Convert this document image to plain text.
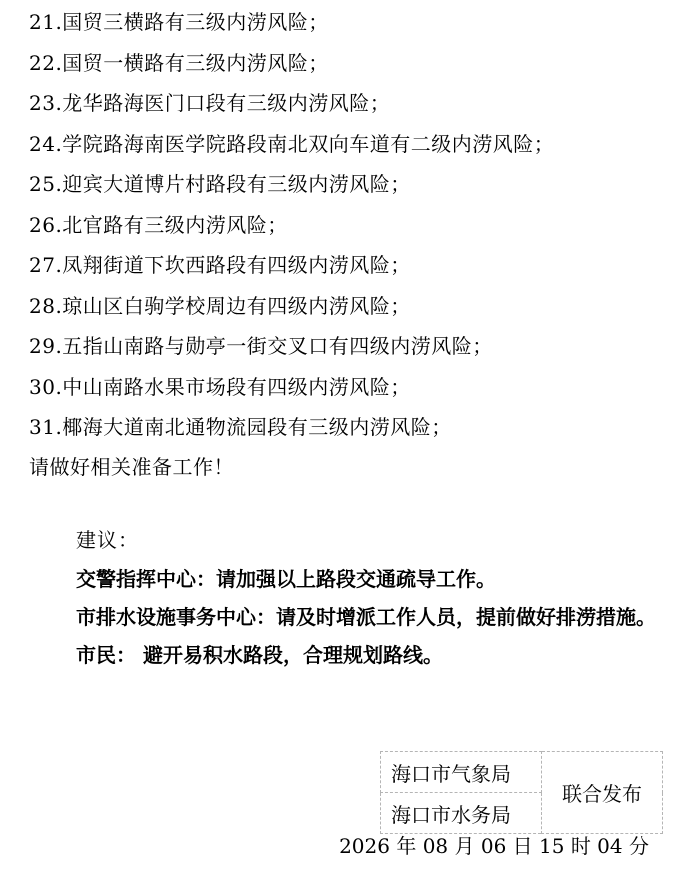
21.国贸三横路有三级内涝风险；
22.国贸一横路有三级内涝风险；
23.龙华路海医门口段有三级内涝风险；
24.学院路海南医学院路段南北双向车道有二级内涝风险；
25.迎宾大道博片村路段有三级内涝风险；
26.北官路有三级内涝风险；
27.凤翔街道下坎西路段有四级内涝风险；
28.琼山区白驹学校周边有四级内涝风险；
29.五指山南路与勋亭一街交叉口有四级内涝风险；
30.中山南路水果市场段有四级内涝风险；
31.椰海大道南北通物流园段有三级内涝风险；
请做好相关准备工作！
建议：

交警指挥中心：请加强以上路段交通疏导工作。

市排水设施事务中心：请及时增派工作人员，提前做好排涝措施。

市民： 避开易积水路段，合理规划路线。

海口市气象局	联合发布
海口市水务局
2026 年 08 月 06 日 15 时 04 分
